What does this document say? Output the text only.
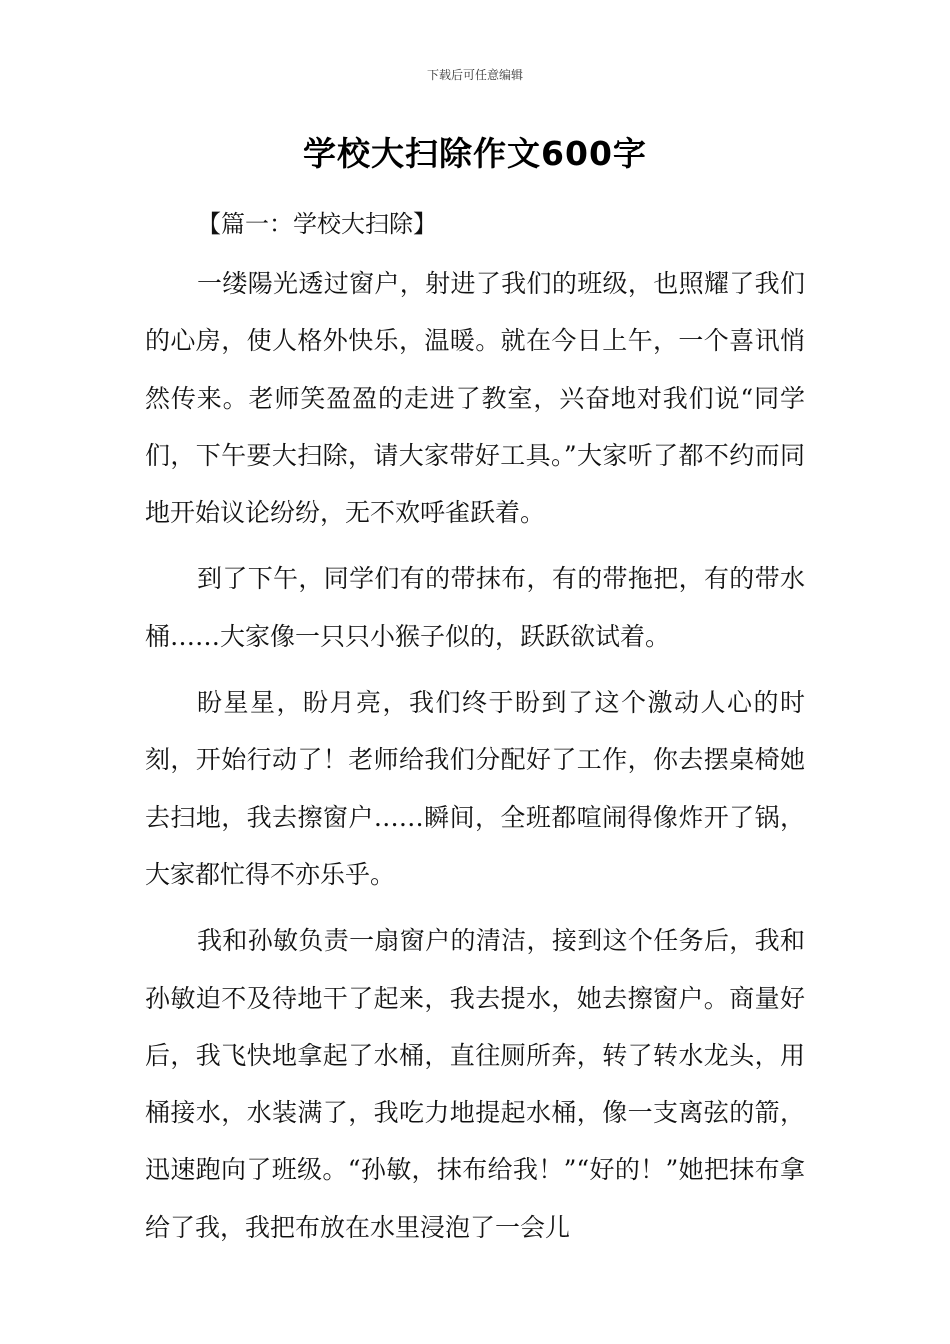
下载后可任意编辑
学校大扫除作文600字
【篇一：学校大扫除】

一缕陽光透过窗户，射进了我们的班级，也照耀了我们的心房，使人格外快乐，温暖。就在今日上午，一个喜讯悄然传来。老师笑盈盈的走进了教室，兴奋地对我们说“同学们，下午要大扫除，请大家带好工具。”大家听了都不约而同地开始议论纷纷，无不欢呼雀跃着。

到了下午，同学们有的带抹布，有的带拖把，有的带水桶……大家像一只只小猴子似的，跃跃欲试着。

盼星星，盼月亮，我们终于盼到了这个激动人心的时刻，开始行动了！老师给我们分配好了工作，你去摆桌椅她去扫地，我去擦窗户……瞬间，全班都喧闹得像炸开了锅，大家都忙得不亦乐乎。

我和孙敏负责一扇窗户的清洁，接到这个任务后，我和孙敏迫不及待地干了起来，我去提水，她去擦窗户。商量好后，我飞快地拿起了水桶，直往厕所奔，转了转水龙头，用桶接水，水装满了，我吃力地提起水桶，像一支离弦的箭，迅速跑向了班级。“孙敏，抹布给我！”“好的！”她把抹布拿给了我，我把布放在水里浸泡了一会儿
